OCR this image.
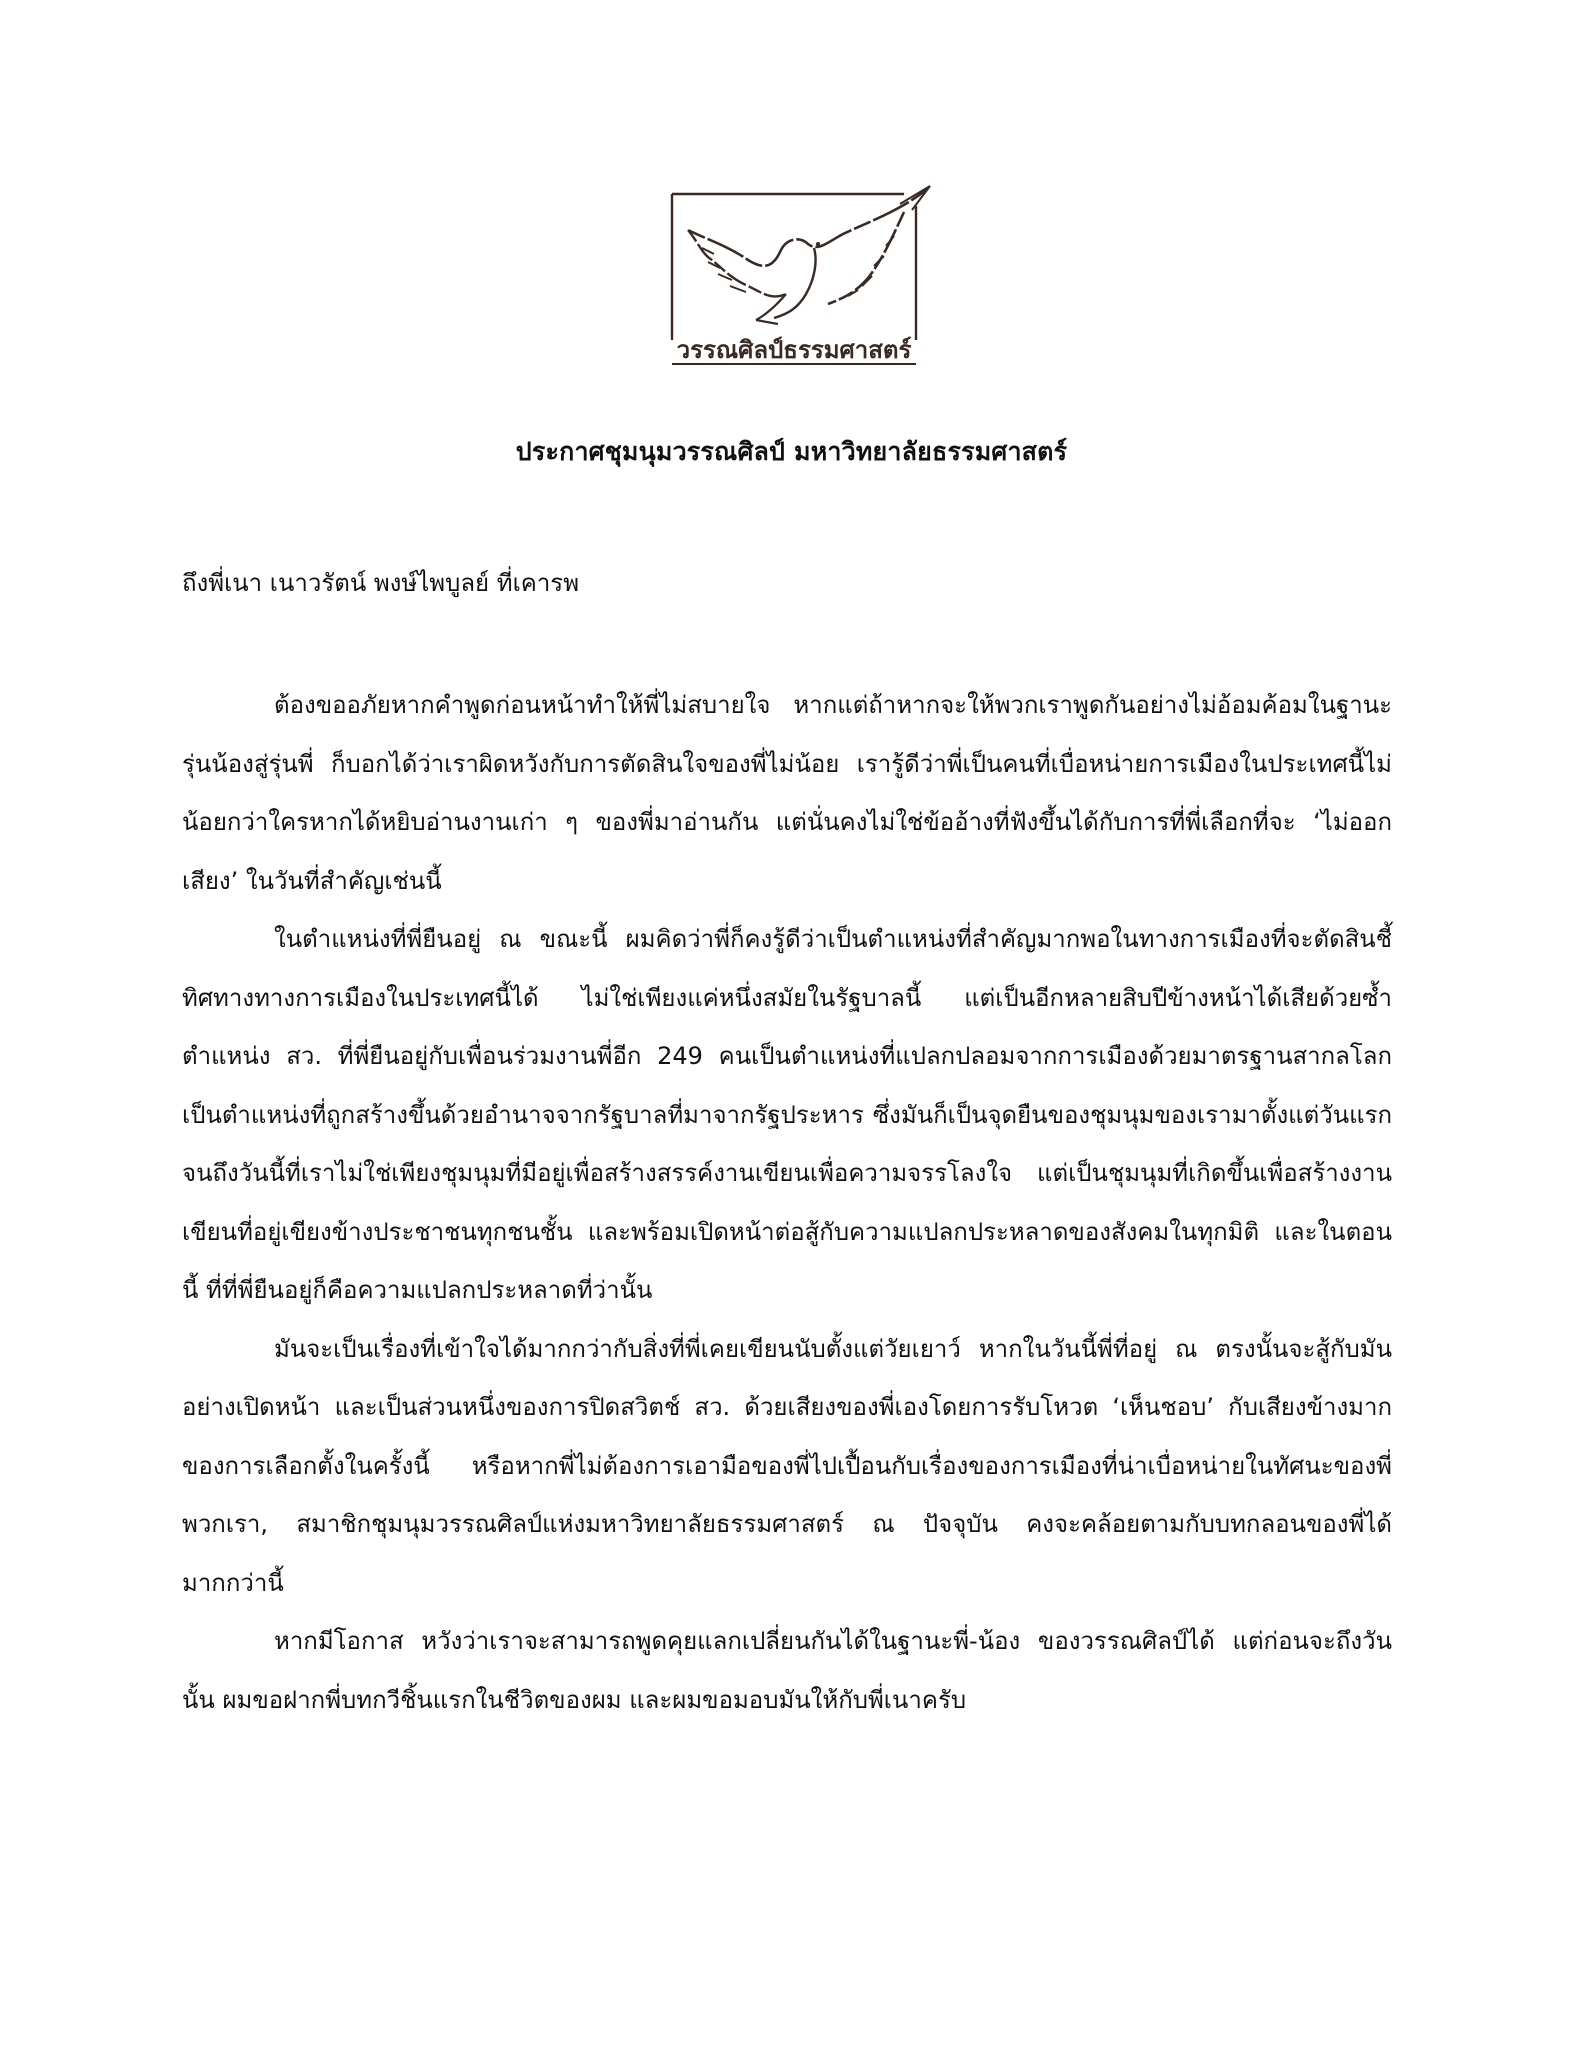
วรรณศิลป์ธรรมศาสตร์
ประกาศชุมนุมวรรณศิลป์ มหาวิทยาลัยธรรมศาสตร์
ถึงพี่เนา เนาวรัตน์ พงษ์ไพบูลย์ ที่เคารพ

ต้องขออภัยหากคำพูดก่อนหน้าทำให้พี่ไม่สบายใจ หากแต่ถ้าหากจะให้พวกเราพูดกันอย่างไม่อ้อมค้อมในฐานะรุ่นน้องสู่รุ่นพี่ ก็บอกได้ว่าเราผิดหวังกับการตัดสินใจของพี่ไม่น้อย เรารู้ดีว่าพี่เป็นคนที่เบื่อหน่ายการเมืองในประเทศนี้ไม่น้อยกว่าใครหากได้หยิบอ่านงานเก่า ๆ ของพี่มาอ่านกัน แต่นั่นคงไม่ใช่ข้ออ้างที่ฟังขึ้นได้กับการที่พี่เลือกที่จะ ‘ไม่ออกเสียง’ ในวันที่สำคัญเช่นนี้

ในตำแหน่งที่พี่ยืนอยู่ ณ ขณะนี้ ผมคิดว่าพี่ก็คงรู้ดีว่าเป็นตำแหน่งที่สำคัญมากพอในทางการเมืองที่จะตัดสินชี้ทิศทางทางการเมืองในประเทศนี้ได้ ไม่ใช่เพียงแค่หนึ่งสมัยในรัฐบาลนี้ แต่เป็นอีกหลายสิบปีข้างหน้าได้เสียด้วยซ้ำ ตำแหน่ง สว. ที่พี่ยืนอยู่กับเพื่อนร่วมงานพี่อีก 249 คนเป็นตำแหน่งที่แปลกปลอมจากการเมืองด้วยมาตรฐานสากลโลก เป็นตำแหน่งที่ถูกสร้างขึ้นด้วยอำนาจจากรัฐบาลที่มาจากรัฐประหาร ซึ่งมันก็เป็นจุดยืนของชุมนุมของเรามาตั้งแต่วันแรกจนถึงวันนี้ที่เราไม่ใช่เพียงชุมนุมที่มีอยู่เพื่อสร้างสรรค์งานเขียนเพื่อความจรรโลงใจ แต่เป็นชุมนุมที่เกิดขึ้นเพื่อสร้างงานเขียนที่อยู่เขียงข้างประชาชนทุกชนชั้น และพร้อมเปิดหน้าต่อสู้กับความแปลกประหลาดของสังคมในทุกมิติ และในตอนนี้ ที่ที่พี่ยืนอยู่ก็คือความแปลกประหลาดที่ว่านั้น

มันจะเป็นเรื่องที่เข้าใจได้มากกว่ากับสิ่งที่พี่เคยเขียนนับตั้งแต่วัยเยาว์ หากในวันนี้พี่ที่อยู่ ณ ตรงนั้นจะสู้กับมันอย่างเปิดหน้า และเป็นส่วนหนึ่งของการปิดสวิตช์ สว. ด้วยเสียงของพี่เองโดยการรับโหวต ‘เห็นชอบ’ กับเสียงข้างมากของการเลือกตั้งในครั้งนี้ หรือหากพี่ไม่ต้องการเอามือของพี่ไปเปื้อนกับเรื่องของการเมืองที่น่าเบื่อหน่ายในทัศนะของพี่ พวกเรา, สมาชิกชุมนุมวรรณศิลป์แห่งมหาวิทยาลัยธรรมศาสตร์ ณ ปัจจุบัน คงจะคล้อยตามกับบทกลอนของพี่ได้มากกว่านี้

หากมีโอกาส หวังว่าเราจะสามารถพูดคุยแลกเปลี่ยนกันได้ในฐานะพี่-น้อง ของวรรณศิลป์ได้ แต่ก่อนจะถึงวันนั้น ผมขอฝากพี่บทกวีชิ้นแรกในชีวิตของผม และผมขอมอบมันให้กับพี่เนาครับ
